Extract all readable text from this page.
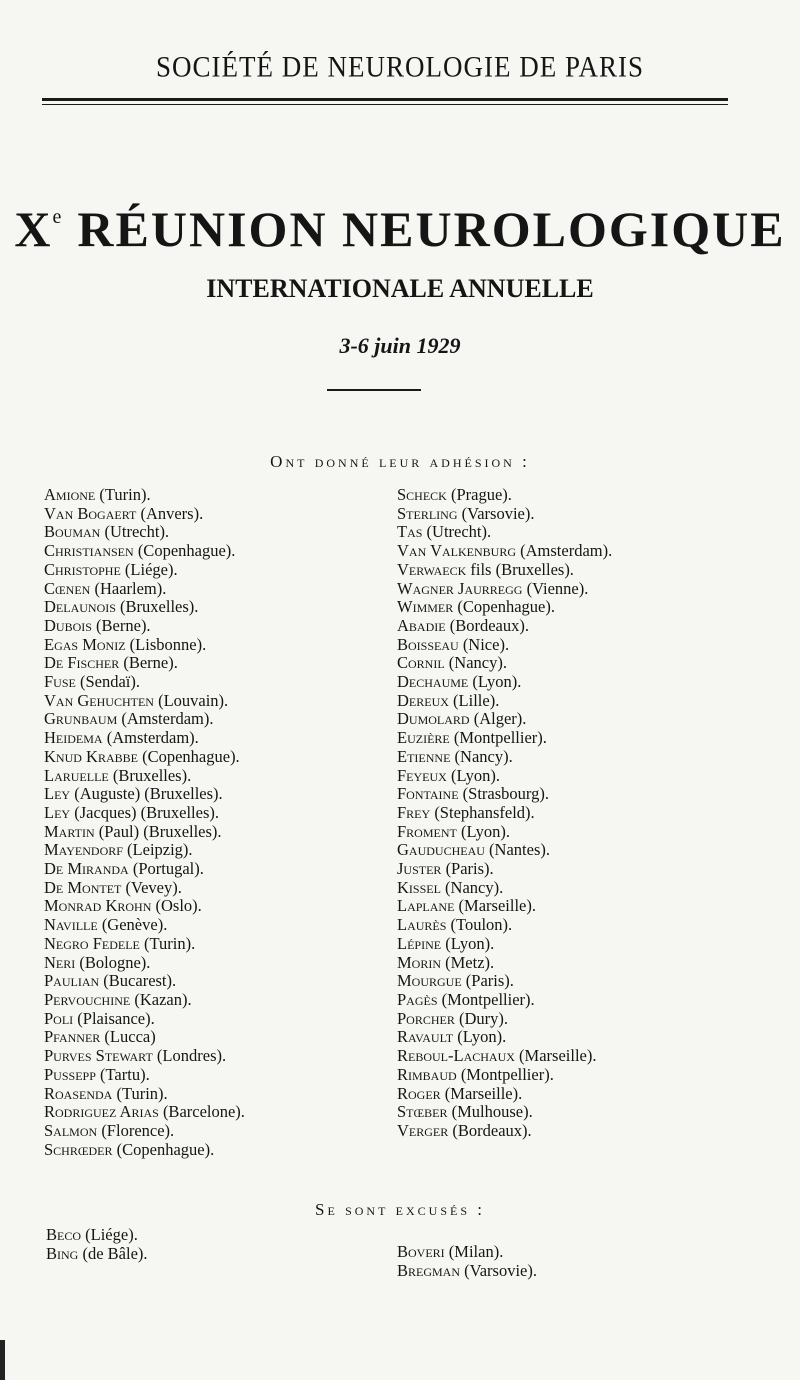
SOCIÉTÉ DE NEUROLOGIE DE PARIS
Xe RÉUNION NEUROLOGIQUE
INTERNATIONALE ANNUELLE
3-6 juin 1929
Ont donné leur adhésion :
Amione (Turin).
Van Bogaert (Anvers).
Bouman (Utrecht).
Christiansen (Copenhague).
Christophe (Liége).
Cœnen (Haarlem).
Delaunois (Bruxelles).
Dubois (Berne).
Egas Moniz (Lisbonne).
De Fischer (Berne).
Fuse (Sendaï).
Van Gehuchten (Louvain).
Grunbaum (Amsterdam).
Heidema (Amsterdam).
Knud Krabbe (Copenhague).
Laruelle (Bruxelles).
Ley (Auguste) (Bruxelles).
Ley (Jacques) (Bruxelles).
Martin (Paul) (Bruxelles).
Mayendorf (Leipzig).
De Miranda (Portugal).
De Montet (Vevey).
Monrad Krohn (Oslo).
Naville (Genève).
Negro Fedele (Turin).
Neri (Bologne).
Paulian (Bucarest).
Pervouchine (Kazan).
Poli (Plaisance).
Pfanner (Lucca)
Purves Stewart (Londres).
Pussepp (Tartu).
Roasenda (Turin).
Rodriguez Arias (Barcelone).
Salmon (Florence).
Schrœder (Copenhague).
Scheck (Prague).
Sterling (Varsovie).
Tas (Utrecht).
Van Valkenburg (Amsterdam).
Verwaeck fils (Bruxelles).
Wagner Jaurregg (Vienne).
Wimmer (Copenhague).
Abadie (Bordeaux).
Boisseau (Nice).
Cornil (Nancy).
Dechaume (Lyon).
Dereux (Lille).
Dumolard (Alger).
Euzière (Montpellier).
Etienne (Nancy).
Feyeux (Lyon).
Fontaine (Strasbourg).
Frey (Stephansfeld).
Froment (Lyon).
Gauducheau (Nantes).
Juster (Paris).
Kissel (Nancy).
Laplane (Marseille).
Laurès (Toulon).
Lépine (Lyon).
Morin (Metz).
Mourgue (Paris).
Pagès (Montpellier).
Porcher (Dury).
Ravault (Lyon).
Reboul-Lachaux (Marseille).
Rimbaud (Montpellier).
Roger (Marseille).
Stœber (Mulhouse).
Verger (Bordeaux).
Se sont excusés :
Beco (Liége).
Bing (de Bâle).	Boveri (Milan).
Bregman (Varsovie).
